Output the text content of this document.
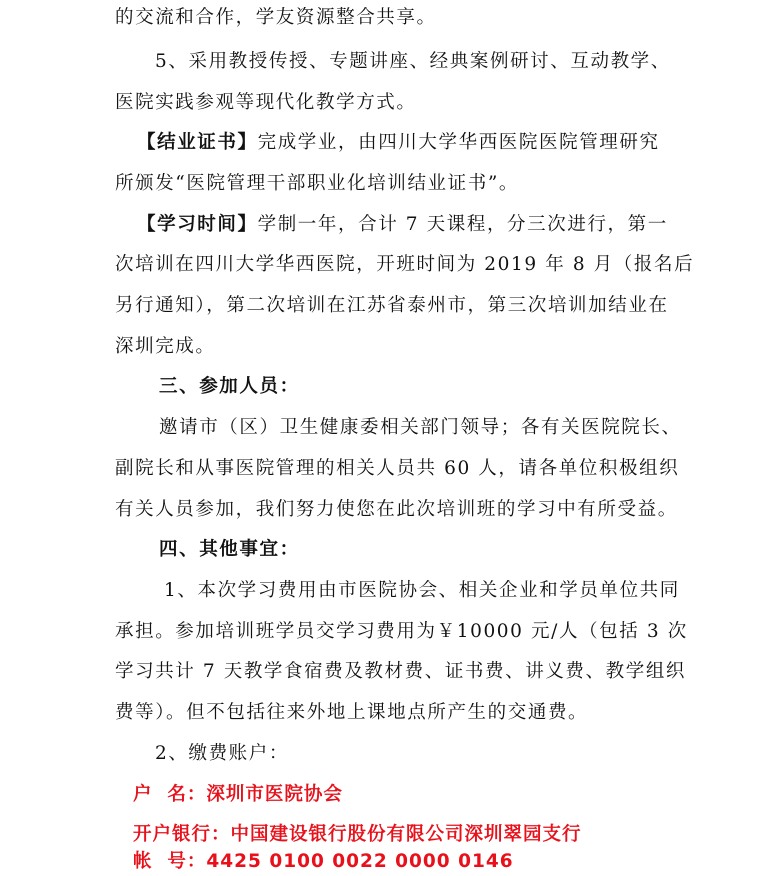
的交流和合作，学友资源整合共享。
5、采用教授传授、专题讲座、经典案例研讨、互动教学、
医院实践参观等现代化教学方式。
【结业证书】完成学业，由四川大学华西医院医院管理研究
所颁发“医院管理干部职业化培训结业证书”。
【学习时间】学制一年，合计 7 天课程，分三次进行，第一
次培训在四川大学华西医院，开班时间为 2019 年 8 月（报名后
另行通知），第二次培训在江苏省泰州市，第三次培训加结业在
深圳完成。
三、参加人员：
邀请市（区）卫生健康委相关部门领导；各有关医院院长、
副院长和从事医院管理的相关人员共 60 人，请各单位积极组织
有关人员参加，我们努力使您在此次培训班的学习中有所受益。
四、其他事宜：
1、本次学习费用由市医院协会、相关企业和学员单位共同
承担。参加培训班学员交学习费用为￥10000 元/人（包括 3 次
学习共计 7 天教学食宿费及教材费、证书费、讲义费、教学组织
费等）。但不包括往来外地上课地点所产生的交通费。
2、缴费账户：
户  名：深圳市医院协会
开户银行：中国建设银行股份有限公司深圳翠园支行
帐  号：4425 0100 0022 0000 0146
